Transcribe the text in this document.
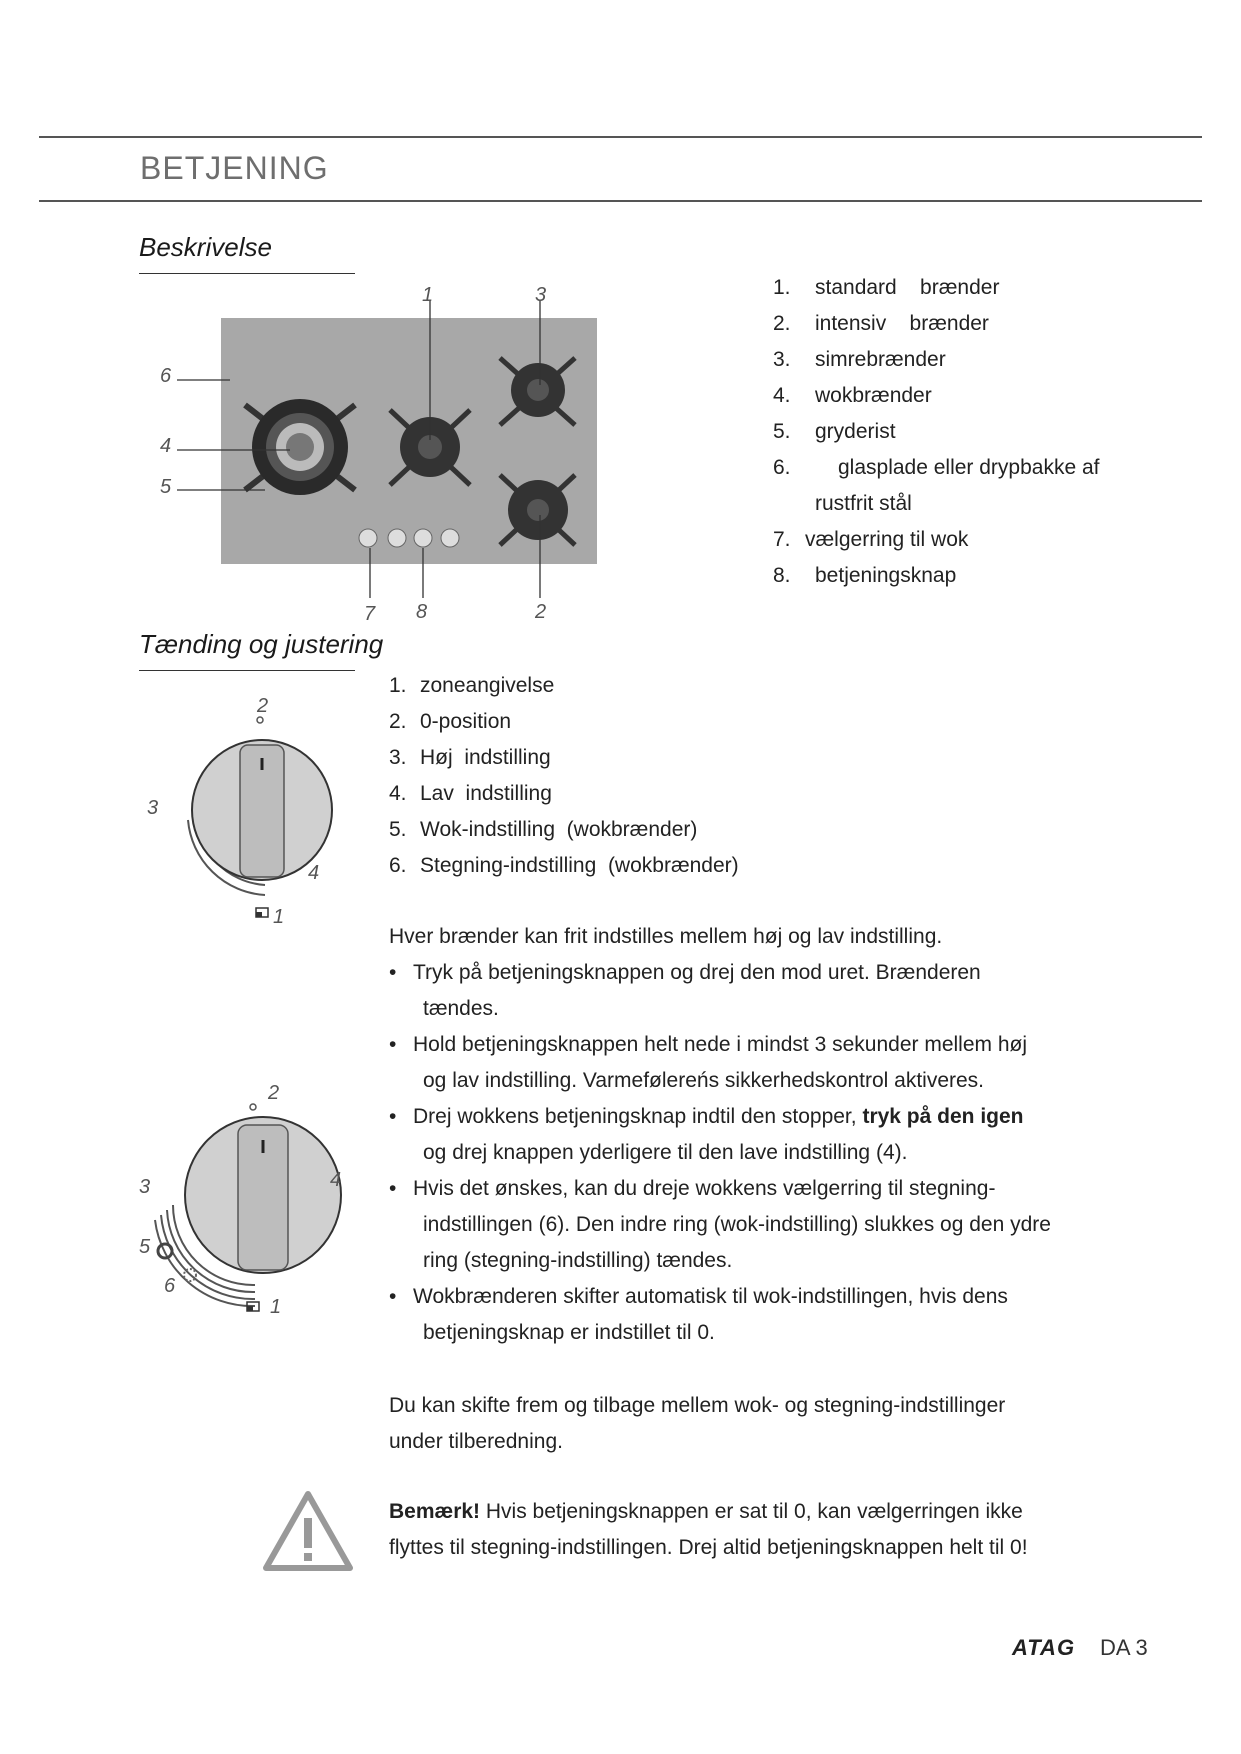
BETJENING
Beskrivelse
1	3
6
4
5
7 8	2
1. standard    brænder
2. intensiv    brænder
3. simrebrænder
4. wokbrænder
5. gryderist
6. glasplade eller drypbakke af
rustfrit stål
7. vælgerring til wok
8. betjeningsknap
Tænding og justering
2
3
4
1
2
3	4
5
6
1
1. zoneangivelse
2. 0-position
3. Høj  indstilling
4. Lav  indstilling
5. Wok-indstilling  (wokbrænder)
6. Stegning-indstilling  (wokbrænder)

Hver brænder kan frit indstilles mellem høj og lav indstilling.

• Tryk på betjeningsknappen og drej den mod uret. Brænderen
tændes.
• Hold betjeningsknappen helt nede i mindst 3 sekunder mellem høj
og lav indstilling. Varmefølereńs sikkerhedskontrol aktiveres.
• Drej wokkens betjeningsknap indtil den stopper, tryk på den igen
og drej knappen yderligere til den lave indstilling (4).
• Hvis det ønskes, kan du dreje wokkens vælgerring til stegning-
indstillingen (6). Den indre ring (wok-indstilling) slukkes og den ydre
ring (stegning-indstilling) tændes.
• Wokbrænderen skifter automatisk til wok-indstillingen, hvis dens
betjeningsknap er indstillet til 0.
Du kan skifte frem og tilbage mellem wok- og stegning-indstillinger
under tilberedning.
Bemærk! Hvis betjeningsknappen er sat til 0, kan vælgerringen ikke
flyttes til stegning-indstillingen. Drej altid betjeningsknappen helt til 0!
ATAG DA 3
